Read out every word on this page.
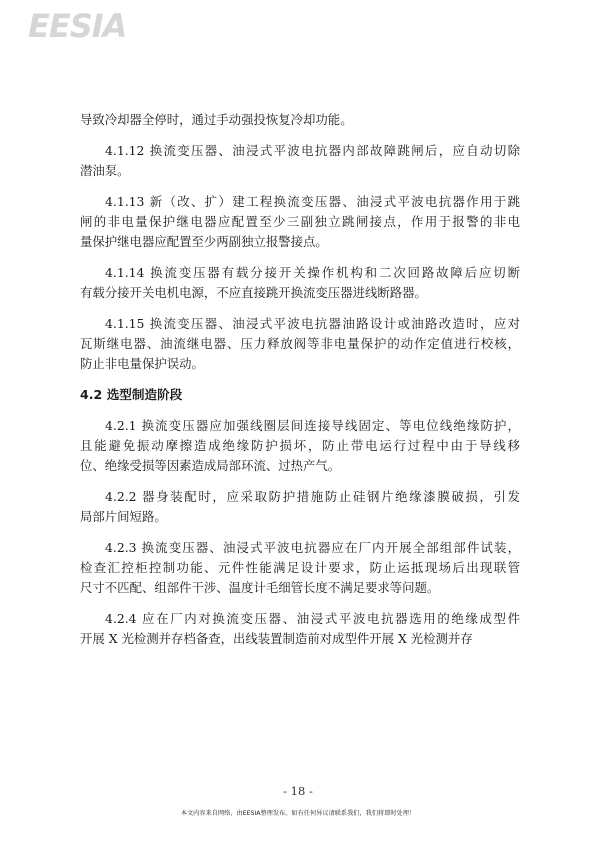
EESIA
导致冷却器全停时，通过手动强投恢复冷却功能。
4.1.12 换流变压器、油浸式平波电抗器内部故障跳闸后，应自动切除
潜油泵。
4.1.13 新（改、扩）建工程换流变压器、油浸式平波电抗器作用于跳
闸的非电量保护继电器应配置至少三副独立跳闸接点，作用于报警的非电
量保护继电器应配置至少两副独立报警接点。
4.1.14 换流变压器有载分接开关操作机构和二次回路故障后应切断
有载分接开关电机电源，不应直接跳开换流变压器进线断路器。
4.1.15 换流变压器、油浸式平波电抗器油路设计或油路改造时，应对
瓦斯继电器、油流继电器、压力释放阀等非电量保护的动作定值进行校核，
防止非电量保护误动。
4.2 选型制造阶段
4.2.1 换流变压器应加强线圈层间连接导线固定、等电位线绝缘防护，
且能避免振动摩擦造成绝缘防护损坏，防止带电运行过程中由于导线移
位、绝缘受损等因素造成局部环流、过热产气。
4.2.2 器身装配时，应采取防护措施防止硅钢片绝缘漆膜破损，引发
局部片间短路。
4.2.3 换流变压器、油浸式平波电抗器应在厂内开展全部组部件试装，
检查汇控柜控制功能、元件性能满足设计要求，防止运抵现场后出现联管
尺寸不匹配、组部件干涉、温度计毛细管长度不满足要求等问题。
4.2.4 应在厂内对换流变压器、油浸式平波电抗器选用的绝缘成型件
开展 X 光检测并存档备查，出线装置制造前对成型件开展 X 光检测并存
- 18 -
本文内容来自网络，由EESIA整理发布。如有任何异议请联系我们，我们将即时处理！
